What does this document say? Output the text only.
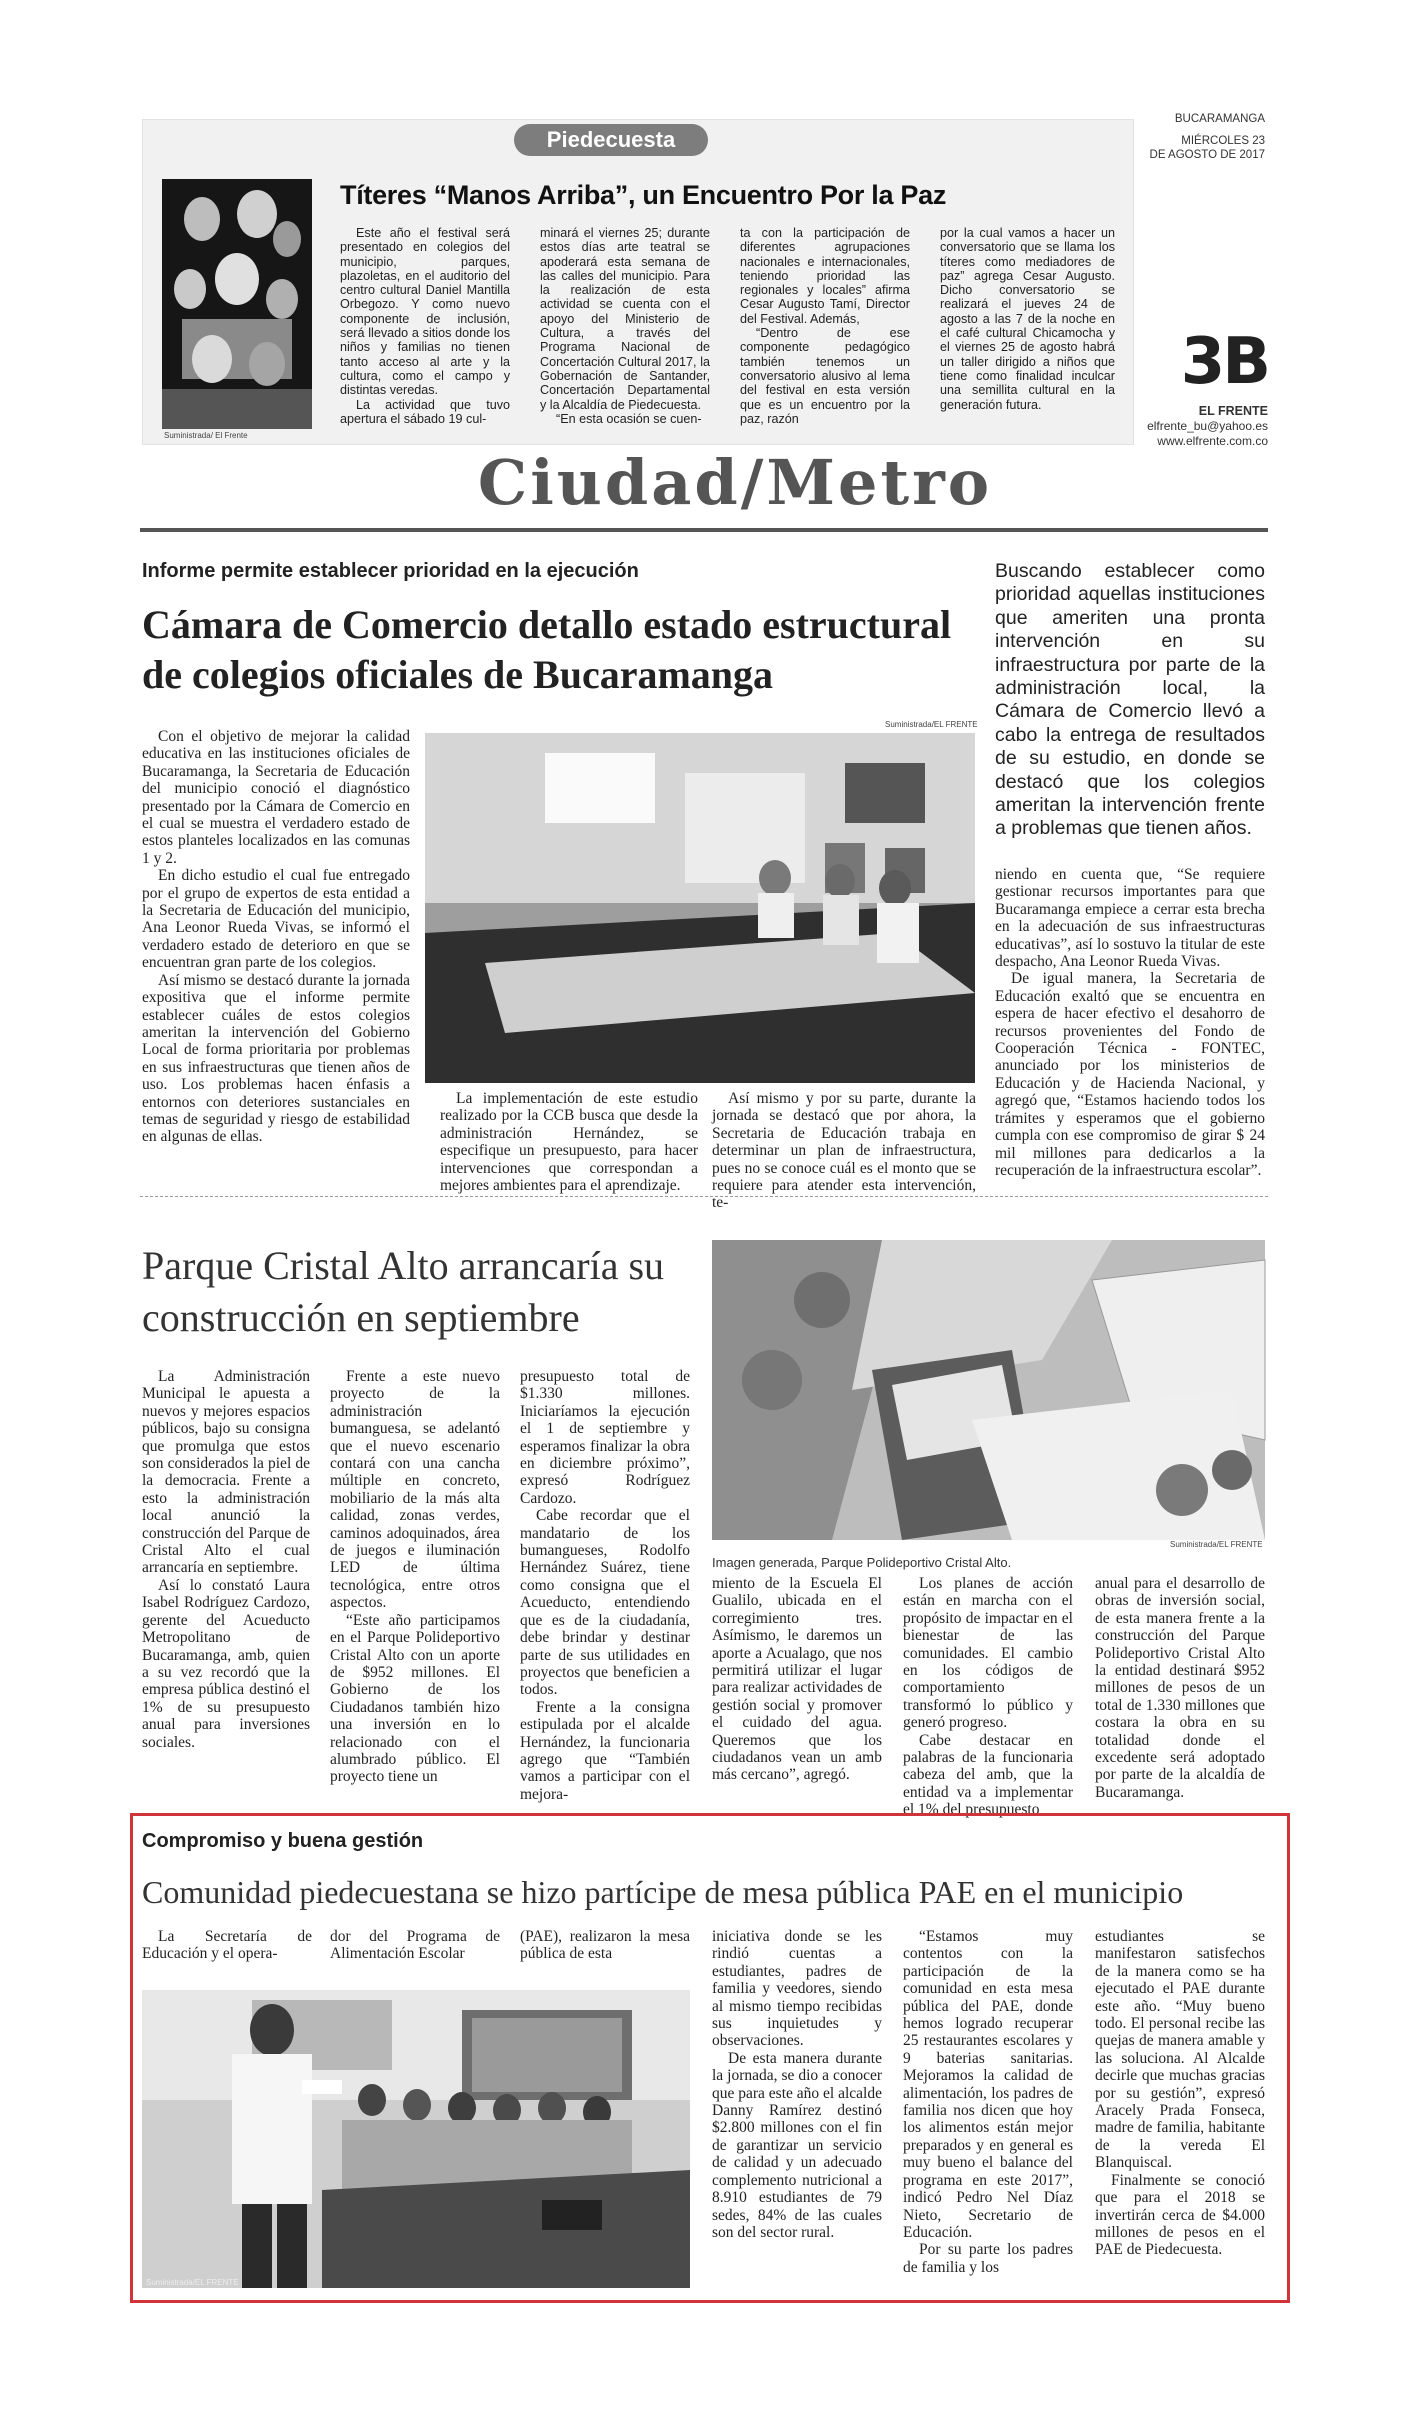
Piedecuesta
Títeres “Manos Arriba”, un Encuentro Por la Paz
Suministrada/ El Frente

Este año el festival será presentado en colegios del municipio, parques, plazoletas, en el auditorio del centro cultural Daniel Mantilla Orbegozo. Y como nuevo componente de inclusión, será llevado a sitios donde los niños y familias no tienen tanto acceso al arte y la cultura, como el campo y distintas veredas.

La actividad que tuvo apertura el sábado 19 cul-

minará el viernes 25; durante estos días arte teatral se apoderará esta semana de las calles del municipio. Para la realización de esta actividad se cuenta con el apoyo del Ministerio de Cultura, a través del Programa Nacional de Concertación Cultural 2017, la Gobernación de Santander, Concertación Departamental y la Alcaldía de Piedecuesta.

“En esta ocasión se cuen-

ta con la participación de diferentes agrupaciones nacionales e internacionales, teniendo prioridad las regionales y locales” afirma Cesar Augusto Tamí, Director del Festival. Además,

“Dentro de ese componente pedagógico también tenemos un conversatorio alusivo al lema del festival en esta versión que es un encuentro por la paz, razón

por la cual vamos a hacer un conversatorio que se llama los títeres como mediadores de paz” agrega Cesar Augusto. Dicho conversatorio se realizará el jueves 24 de agosto a las 7 de la noche en el café cultural Chicamocha y el viernes 25 de agosto habrá un taller dirigido a niños que tiene como finalidad inculcar una semillita cultural en la generación futura.

BUCARAMANGA
MIÉRCOLES 23
DE AGOSTO DE 2017
3B
EL FRENTE
elfrente_bu@yahoo.es
www.elfrente.com.co
Ciudad/Metro
Informe permite establecer prioridad en la ejecución
Cámara de Comercio detallo estado estructural de colegios oficiales de Bucaramanga

Con el objetivo de mejorar la calidad educativa en las instituciones oficiales de Bucaramanga, la Secretaria de Educación del municipio conoció el diagnóstico presentado por la Cámara de Comercio en el cual se muestra el verdadero estado de estos planteles localizados en las comunas 1 y 2.

En dicho estudio el cual fue entregado por el grupo de expertos de esta entidad a la Secretaria de Educación del municipio, Ana Leonor Rueda Vivas, se informó el verdadero estado de deterioro en que se encuentran gran parte de los colegios.

Así mismo se destacó durante la jornada expositiva que el informe permite establecer cuáles de estos colegios ameritan la intervención del Gobierno Local de forma prioritaria por problemas en sus infraestructuras que tienen años de uso. Los problemas hacen énfasis a entornos con deteriores sustanciales en temas de seguridad y riesgo de estabilidad en algunas de ellas.

Suministrada/EL FRENTE

La implementación de este estudio realizado por la CCB busca que desde la administración Hernández, se especifique un presupuesto, para hacer intervenciones que correspondan a mejores ambientes para el aprendizaje.

Así mismo y por su parte, durante la jornada se destacó que por ahora, la Secretaria de Educación trabaja en determinar un plan de infraestructura, pues no se conoce cuál es el monto que se requiere para atender esta intervención, te-

Buscando establecer como prioridad aquellas instituciones que ameriten una pronta intervención en su infraestructura por parte de la administración local, la Cámara de Comercio llevó a cabo la entrega de resultados de su estudio, en donde se destacó que los colegios ameritan la intervención frente a problemas que tienen años.

niendo en cuenta que, “Se requiere gestionar recursos importantes para que Bucaramanga empiece a cerrar esta brecha en la adecuación de sus infraestructuras educativas”, así lo sostuvo la titular de este despacho, Ana Leonor Rueda Vivas.

De igual manera, la Secretaria de Educación exaltó que se encuentra en espera de hacer efectivo el desahorro de recursos provenientes del Fondo de Cooperación Técnica - FONTEC, anunciado por los ministerios de Educación y de Hacienda Nacional, y agregó que, “Estamos haciendo todos los trámites y esperamos que el gobierno cumpla con ese compromiso de girar $ 24 mil millones para dedicarlos a la recuperación de la infraestructura escolar”.

Parque Cristal Alto arrancaría su construcción en septiembre
Imagen generada, Parque Polideportivo Cristal Alto.
Suministrada/EL FRENTE

La Administración Municipal le apuesta a nuevos y mejores espacios públicos, bajo su consigna que promulga que estos son considerados la piel de la democracia. Frente a esto la administración local anunció la construcción del Parque de Cristal Alto el cual arrancaría en septiembre.

Así lo constató Laura Isabel Rodríguez Cardozo, gerente del Acueducto Metropolitano de Bucaramanga, amb, quien a su vez recordó que la empresa pública destinó el 1% de su presupuesto anual para inversiones sociales.

Frente a este nuevo proyecto de la administración bumanguesa, se adelantó que el nuevo escenario contará con una cancha múltiple en concreto, mobiliario de la más alta calidad, zonas verdes, caminos adoquinados, área de juegos e iluminación LED de última tecnológica, entre otros aspectos.

“Este año participamos en el Parque Polideportivo Cristal Alto con un aporte de $952 millones. El Gobierno de los Ciudadanos también hizo una inversión en lo relacionado con el alumbrado público. El proyecto tiene un

presupuesto total de $1.330 millones. Iniciaríamos la ejecución el 1 de septiembre y esperamos finalizar la obra en diciembre próximo”, expresó Rodríguez Cardozo.

Cabe recordar que el mandatario de los bumangueses, Rodolfo Hernández Suárez, tiene como consigna que el Acueducto, entendiendo que es de la ciudadanía, debe brindar y destinar parte de sus utilidades en proyectos que beneficien a todos.

Frente a la consigna estipulada por el alcalde Hernández, la funcionaria agrego que “También vamos a participar con el mejora-

miento de la Escuela El Gualilo, ubicada en el corregimiento tres. Asímismo, le daremos un aporte a Acualago, que nos permitirá utilizar el lugar para realizar actividades de gestión social y promover el cuidado del agua. Queremos que los ciudadanos vean un amb más cercano”, agregó.

Los planes de acción están en marcha con el propósito de impactar en el bienestar de las comunidades. El cambio en los códigos de comportamiento transformó lo público y generó progreso.

Cabe destacar en palabras de la funcionaria cabeza del amb, que la entidad va a implementar el 1% del presupuesto

anual para el desarrollo de obras de inversión social, de esta manera frente a la construcción del Parque Polideportivo Cristal Alto la entidad destinará $952 millones de pesos de un total de 1.330 millones que costara la obra en su totalidad donde el excedente será adoptado por parte de la alcaldía de Bucaramanga.

Compromiso y buena gestión
Comunidad piedecuestana se hizo partícipe de mesa pública PAE en el municipio

La Secretaría de Educación y el opera-

dor del Programa de Alimentación Escolar

(PAE), realizaron la mesa pública de esta

Suministrada/EL FRENTE

iniciativa donde se les rindió cuentas a estudiantes, padres de familia y veedores, siendo al mismo tiempo recibidas sus inquietudes y observaciones.

De esta manera durante la jornada, se dio a conocer que para este año el alcalde Danny Ramírez destinó $2.800 millones con el fin de garantizar un servicio de calidad y un adecuado complemento nutricional a 8.910 estudiantes de 79 sedes, 84% de las cuales son del sector rural.

“Estamos muy contentos con la participación de la comunidad en esta mesa pública del PAE, donde hemos logrado recuperar 25 restaurantes escolares y 9 baterias sanitarias. Mejoramos la calidad de alimentación, los padres de familia nos dicen que hoy los alimentos están mejor preparados y en general es muy bueno el balance del programa en este 2017”, indicó Pedro Nel Díaz Nieto, Secretario de Educación.

Por su parte los padres de familia y los

estudiantes se manifestaron satisfechos de la manera como se ha ejecutado el PAE durante este año. “Muy bueno todo. El personal recibe las quejas de manera amable y las soluciona. Al Alcalde decirle que muchas gracias por su gestión”, expresó Aracely Prada Fonseca, madre de familia, habitante de la vereda El Blanquiscal.

Finalmente se conoció que para el 2018 se invertirán cerca de $4.000 millones de pesos en el PAE de Piedecuesta.
